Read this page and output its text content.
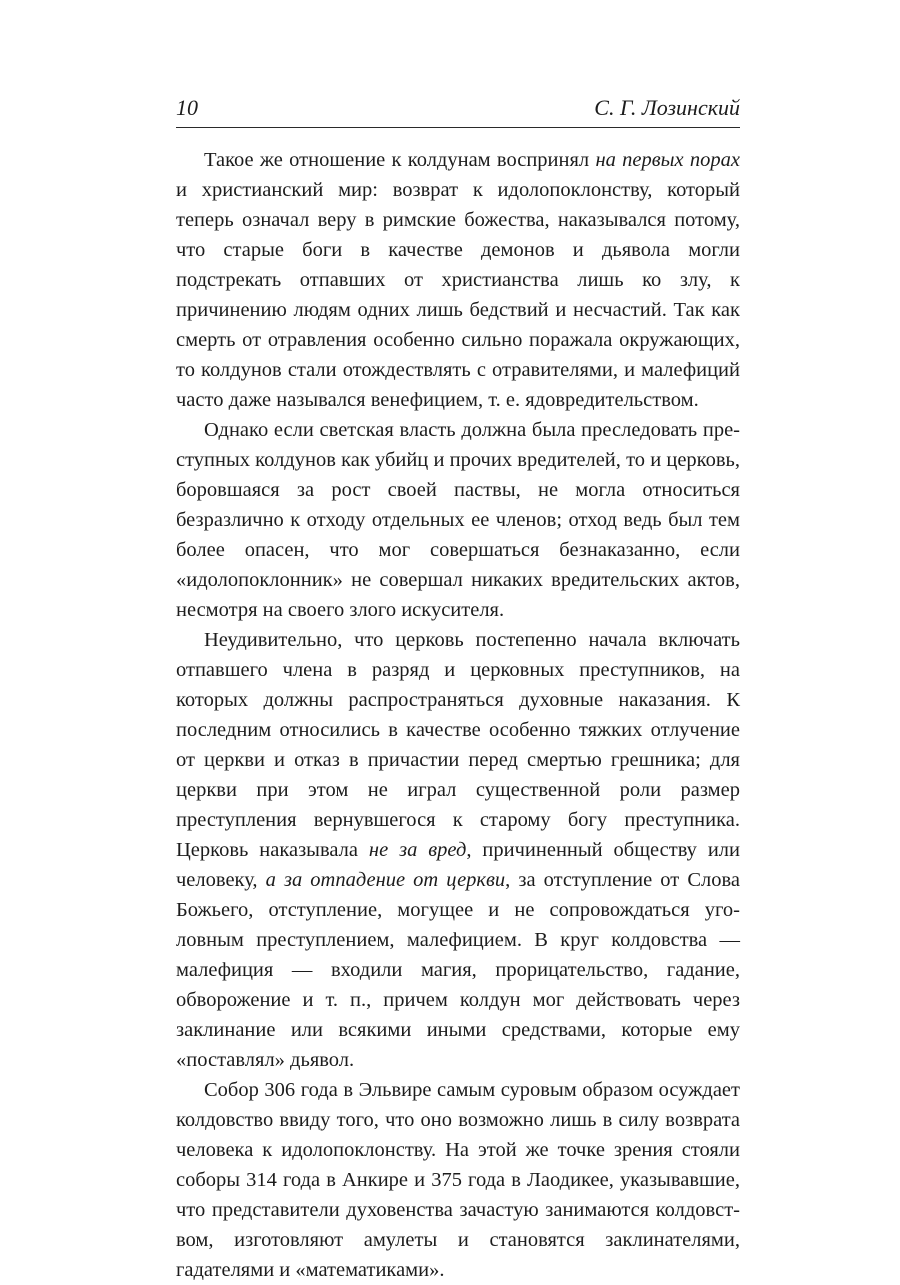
10	С. Г. Лозинский

Такое же отношение к колдунам воспринял на первых порах и христианский мир: возврат к идолопоклонству, который теперь означал веру в римские божества, наказывался потому, что старые боги в качестве демонов и дьявола могли подстрекать отпавших от христианства лишь ко злу, к причинению людям одних лишь бедствий и несчастий. Так как смерть от отравления особенно сильно поражала окружающих, то колдунов стали отождествлять с отравителями, и малефиций часто даже назывался венефицием, т. е. ядовредительством.

Однако если светская власть должна была преследовать преступных колдунов как убийц и прочих вредителей, то и церковь, боровшаяся за рост своей паствы, не могла относиться безразлично к отходу отдельных ее членов; отход ведь был тем более опасен, что мог совершаться безнаказанно, если «идолопоклонник» не совершал никаких вредительских актов, несмотря на своего злого искусителя.

Неудивительно, что церковь постепенно начала включать отпавшего члена в разряд и церковных преступников, на которых должны распространяться духовные наказания. К последним относились в качестве особенно тяжких отлучение от церкви и отказ в причастии перед смертью грешника; для церкви при этом не играл существенной роли размер преступления вернувшегося к старому богу преступника. Церковь наказывала не за вред, причиненный обществу или человеку, а за отпадение от церкви, за отступление от Слова Божьего, отступление, могущее и не сопровождаться уголовным преступлением, малефицием. В круг колдовства — малефиция — входили магия, прорицательство, гадание, обворожение и т. п., причем колдун мог действовать через заклинание или всякими иными средствами, которые ему «поставлял» дьявол.

Собор 306 года в Эльвире самым суровым образом осуждает колдовство ввиду того, что оно возможно лишь в силу возврата человека к идолопоклонству. На этой же точке зрения стояли соборы 314 года в Анкире и 375 года в Лаодикее, указывавшие, что представители духовенства зачастую занимаются колдовством, изготовляют амулеты и становятся заклинателями, гадателями и «математиками».
